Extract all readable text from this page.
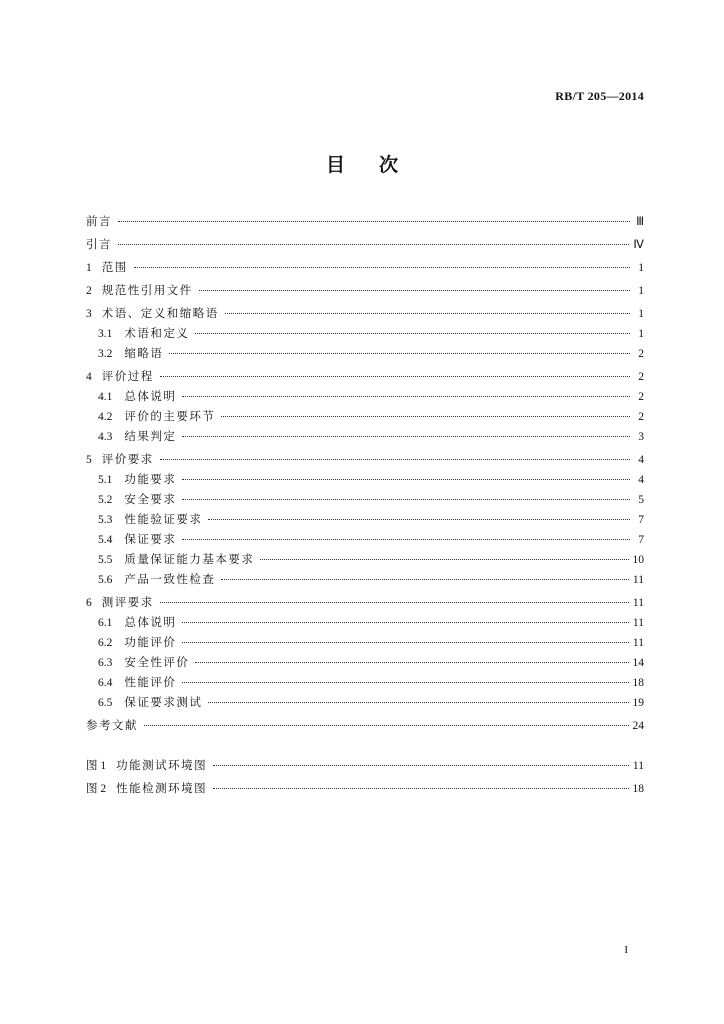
RB/T 205—2014
目次
前言	Ⅲ
引言	Ⅳ
1 范围	1
2 规范性引用文件	1
3 术语、定义和缩略语	1
3.1 术语和定义	1
3.2 缩略语	2
4 评价过程	2
4.1 总体说明	2
4.2 评价的主要环节	2
4.3 结果判定	3
5 评价要求	4
5.1 功能要求	4
5.2 安全要求	5
5.3 性能验证要求	7
5.4 保证要求	7
5.5 质量保证能力基本要求	10
5.6 产品一致性检查	11
6 测评要求	11
6.1 总体说明	11
6.2 功能评价	11
6.3 安全性评价	14
6.4 性能评价	18
6.5 保证要求测试	19
参考文献	24
图 1 功能测试环境图	11
图 2 性能检测环境图	18
I
